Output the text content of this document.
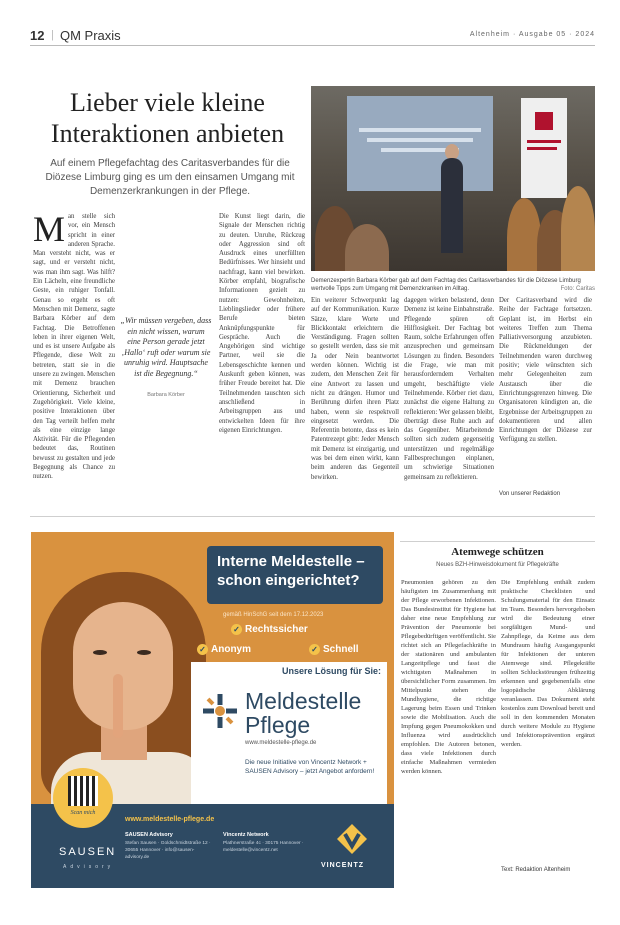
12 | QM Praxis	Altenheim · Ausgabe 05 · 2024
Lieber viele kleine Interaktionen anbieten
Auf einem Pflegefachtag des Caritasverbandes für die Diözese Limburg ging es um den einsamen Umgang mit Demenzerkrankungen in der Pflege.
Demenzexpertin Barbara Körber gab auf dem Fachtag des Caritasverbandes für die Diözese Limburg wertvolle Tipps zum Umgang mit Demenzkranken im Alltag.	Foto: Caritas
Man stelle sich vor, ein Mensch spricht in einer anderen Sprache. Man versteht nicht, was er sagt, und er versteht nicht, was man ihm sagt. Was hilft? Ein Lächeln, eine freundliche Geste, ein ruhiger Tonfall. Genau so ergeht es oft Menschen mit Demenz, sagte Barbara Körber auf dem Fachtag. Die Betroffenen leben in ihrer eigenen Welt, und es ist unsere Aufgabe als Pflegende, diese Welt zu betreten, statt sie in die unsere zu zwingen. Menschen mit Demenz brauchen Orientierung, Sicherheit und Zugehörigkeit. Viele kleine, positive Interaktionen über den Tag verteilt helfen mehr als eine einzige lange Aktivität. Für die Pflegenden bedeutet das, Routinen bewusst zu gestalten und jede Begegnung als Chance zu nutzen.
„Wir müssen vergeben, dass ein nicht wissen, warum eine Person gerade jetzt ‚Hallo‘ ruft oder warum sie unruhig wird. Hauptsache ist die Begegnung.“
Barbara Körber
Die Kunst liegt darin, die Signale der Menschen richtig zu deuten. Unruhe, Rückzug oder Aggression sind oft Ausdruck eines unerfüllten Bedürfnisses. Wer hinsieht und nachfragt, kann viel bewirken. Körber empfahl, biografische Informationen gezielt zu nutzen: Gewohnheiten, Lieblingslieder oder frühere Berufe bieten Anknüpfungspunkte für Gespräche. Auch die Angehörigen sind wichtige Partner, weil sie die Lebensgeschichte kennen und Auskunft geben können, was früher Freude bereitet hat. Die Teilnehmenden tauschten sich anschließend in Arbeitsgruppen aus und entwickelten Ideen für ihre eigenen Einrichtungen.
Ein weiterer Schwerpunkt lag auf der Kommunikation. Kurze Sätze, klare Worte und Blickkontakt erleichtern die Verständigung. Fragen sollten so gestellt werden, dass sie mit Ja oder Nein beantwortet werden können. Wichtig ist zudem, den Menschen Zeit für eine Antwort zu lassen und nicht zu drängen. Humor und Berührung dürfen ihren Platz haben, wenn sie respektvoll eingesetzt werden. Die Referentin betonte, dass es kein Patentrezept gibt: Jeder Mensch mit Demenz ist einzigartig, und was bei dem einen wirkt, kann beim anderen das Gegenteil bewirken.
dagegen wirken belastend, denn Demenz ist keine Einbahnstraße. Pflegende spüren oft Hilflosigkeit. Der Fachtag bot Raum, solche Erfahrungen offen anzusprechen und gemeinsam Lösungen zu finden. Besonders die Frage, wie man mit herausforderndem Verhalten umgeht, beschäftigte viele Teilnehmende. Körber riet dazu, zunächst die eigene Haltung zu reflektieren: Wer gelassen bleibt, überträgt diese Ruhe auch auf das Gegenüber. Mitarbeitende sollten sich zudem gegenseitig unterstützen und regelmäßige Fallbesprechungen einplanen, um schwierige Situationen gemeinsam zu reflektieren.
Der Caritasverband wird die Reihe der Fachtage fortsetzen. Geplant ist, im Herbst ein weiteres Treffen zum Thema Palliativversorgung anzubieten. Die Rückmeldungen der Teilnehmenden waren durchweg positiv; viele wünschten sich mehr Gelegenheiten zum Austausch über die Einrichtungsgrenzen hinweg. Die Organisatoren kündigten an, die Ergebnisse der Arbeitsgruppen zu dokumentieren und allen Einrichtungen der Diözese zur Verfügung zu stellen.
Von unserer Redaktion
Interne Meldestelle – schon eingerichtet?
gemäß HinSchG seit dem 17.12.2023
✓ Rechtssicher
✓ Anonym	✓ Schnell
Unsere Lösung für Sie:
Meldestelle
Pflege
www.meldestelle-pflege.de
Die neue Initiative von Vincentz Network + SAUSEN Advisory – jetzt Angebot anfordern!
www.meldestelle-pflege.de
SAUSEN Advisory
Stefan Sausen · Goldschmidtstraße 12 · 30655 Hannover · info@sausen-advisory.de
Vincentz Network
Plathnerstraße 4c · 30175 Hannover · meldestelle@vincentz.net
Scan mich
SAUSEN
Advisory	VINCENTZ
Atemwege schützen
Neues BZH-Hinweisdokument für Pflegekräfte
Pneumonien gehören zu den häufigsten im Zusammenhang mit der Pflege erworbenen Infektionen. Das Bundesinstitut für Hygiene hat daher eine neue Empfehlung zur Prävention der Pneumonie bei Pflegebedürftigen veröffentlicht. Sie richtet sich an Pflegefachkräfte in der stationären und ambulanten Langzeitpflege und fasst die wichtigsten Maßnahmen in übersichtlicher Form zusammen. Im Mittelpunkt stehen die Mundhygiene, die richtige Lagerung beim Essen und Trinken sowie die Mobilisation. Auch die Impfung gegen Pneumokokken und Influenza wird ausdrücklich empfohlen. Die Autoren betonen, dass viele Infektionen durch einfache Maßnahmen vermieden werden können.
Die Empfehlung enthält zudem praktische Checklisten und Schulungsmaterial für den Einsatz im Team. Besonders hervorgehoben wird die Bedeutung einer sorgfältigen Mund- und Zahnpflege, da Keime aus dem Mundraum häufig Ausgangspunkt für Infektionen der unteren Atemwege sind. Pflegekräfte sollten Schluckstörungen frühzeitig erkennen und gegebenenfalls eine logopädische Abklärung veranlassen. Das Dokument steht kostenlos zum Download bereit und soll in den kommenden Monaten durch weitere Module zu Hygiene und Infektionsprävention ergänzt werden.
Text: Redaktion Altenheim
